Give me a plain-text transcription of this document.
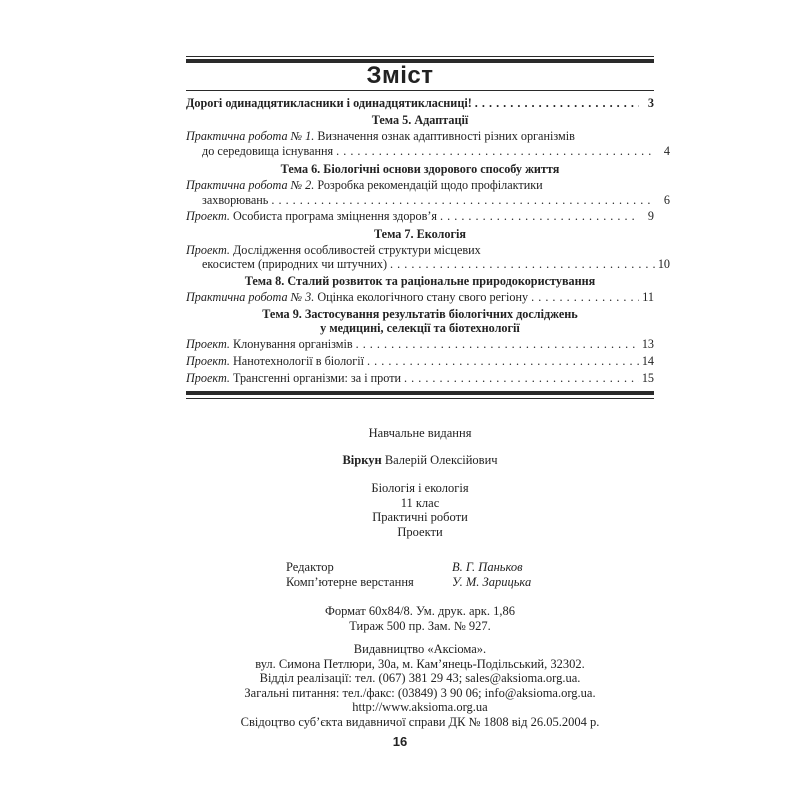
Зміст
Дорогі одинадцятикласники і одинадцятикласниці! . . .	3
Тема 5. Адаптації
Практична робота № 1. Визначення ознак адаптивності різних організмів
до середовища існування . . .	4
Тема 6. Біологічні основи здорового способу життя
Практична робота № 2. Розробка рекомендацій щодо профілактики
захворювань . . .	6
Проект. Особиста програма зміцнення здоров’я . . .	9
Тема 7. Екологія
Проект. Дослідження особливостей структури місцевих
екосистем (природних чи штучних) . . .	10
Тема 8. Сталий розвиток та раціональне природокористування
Практична робота № 3. Оцінка екологічного стану свого регіону . . .	11
Тема 9. Застосування результатів біологічних досліджень
у медицині, селекції та біотехнології
Проект. Клонування організмів . . .	13
Проект. Нанотехнології в біології . . .	14
Проект. Трансгенні організми: за і проти . . .	15
Навчальне видання
Віркун Валерій Олексійович
Біологія і екологія
11 клас
Практичні роботи
Проекти
Редактор	В. Г. Паньков
Комп’ютерне верстання	У. М. Зарицька
Формат 60х84/8. Ум. друк. арк. 1,86
Тираж 500 пр. Зам. № 927.
Видавництво «Аксіома».
вул. Симона Петлюри, 30а, м. Кам’янець-Подільський, 32302.
Відділ реалізації: тел. (067) 381 29 43; sales@aksioma.org.ua.
Загальні питання: тел./факс: (03849) 3 90 06; info@aksioma.org.ua.
http://www.aksioma.org.ua
Свідоцтво суб’єкта видавничої справи ДК № 1808 від 26.05.2004 р.
16
